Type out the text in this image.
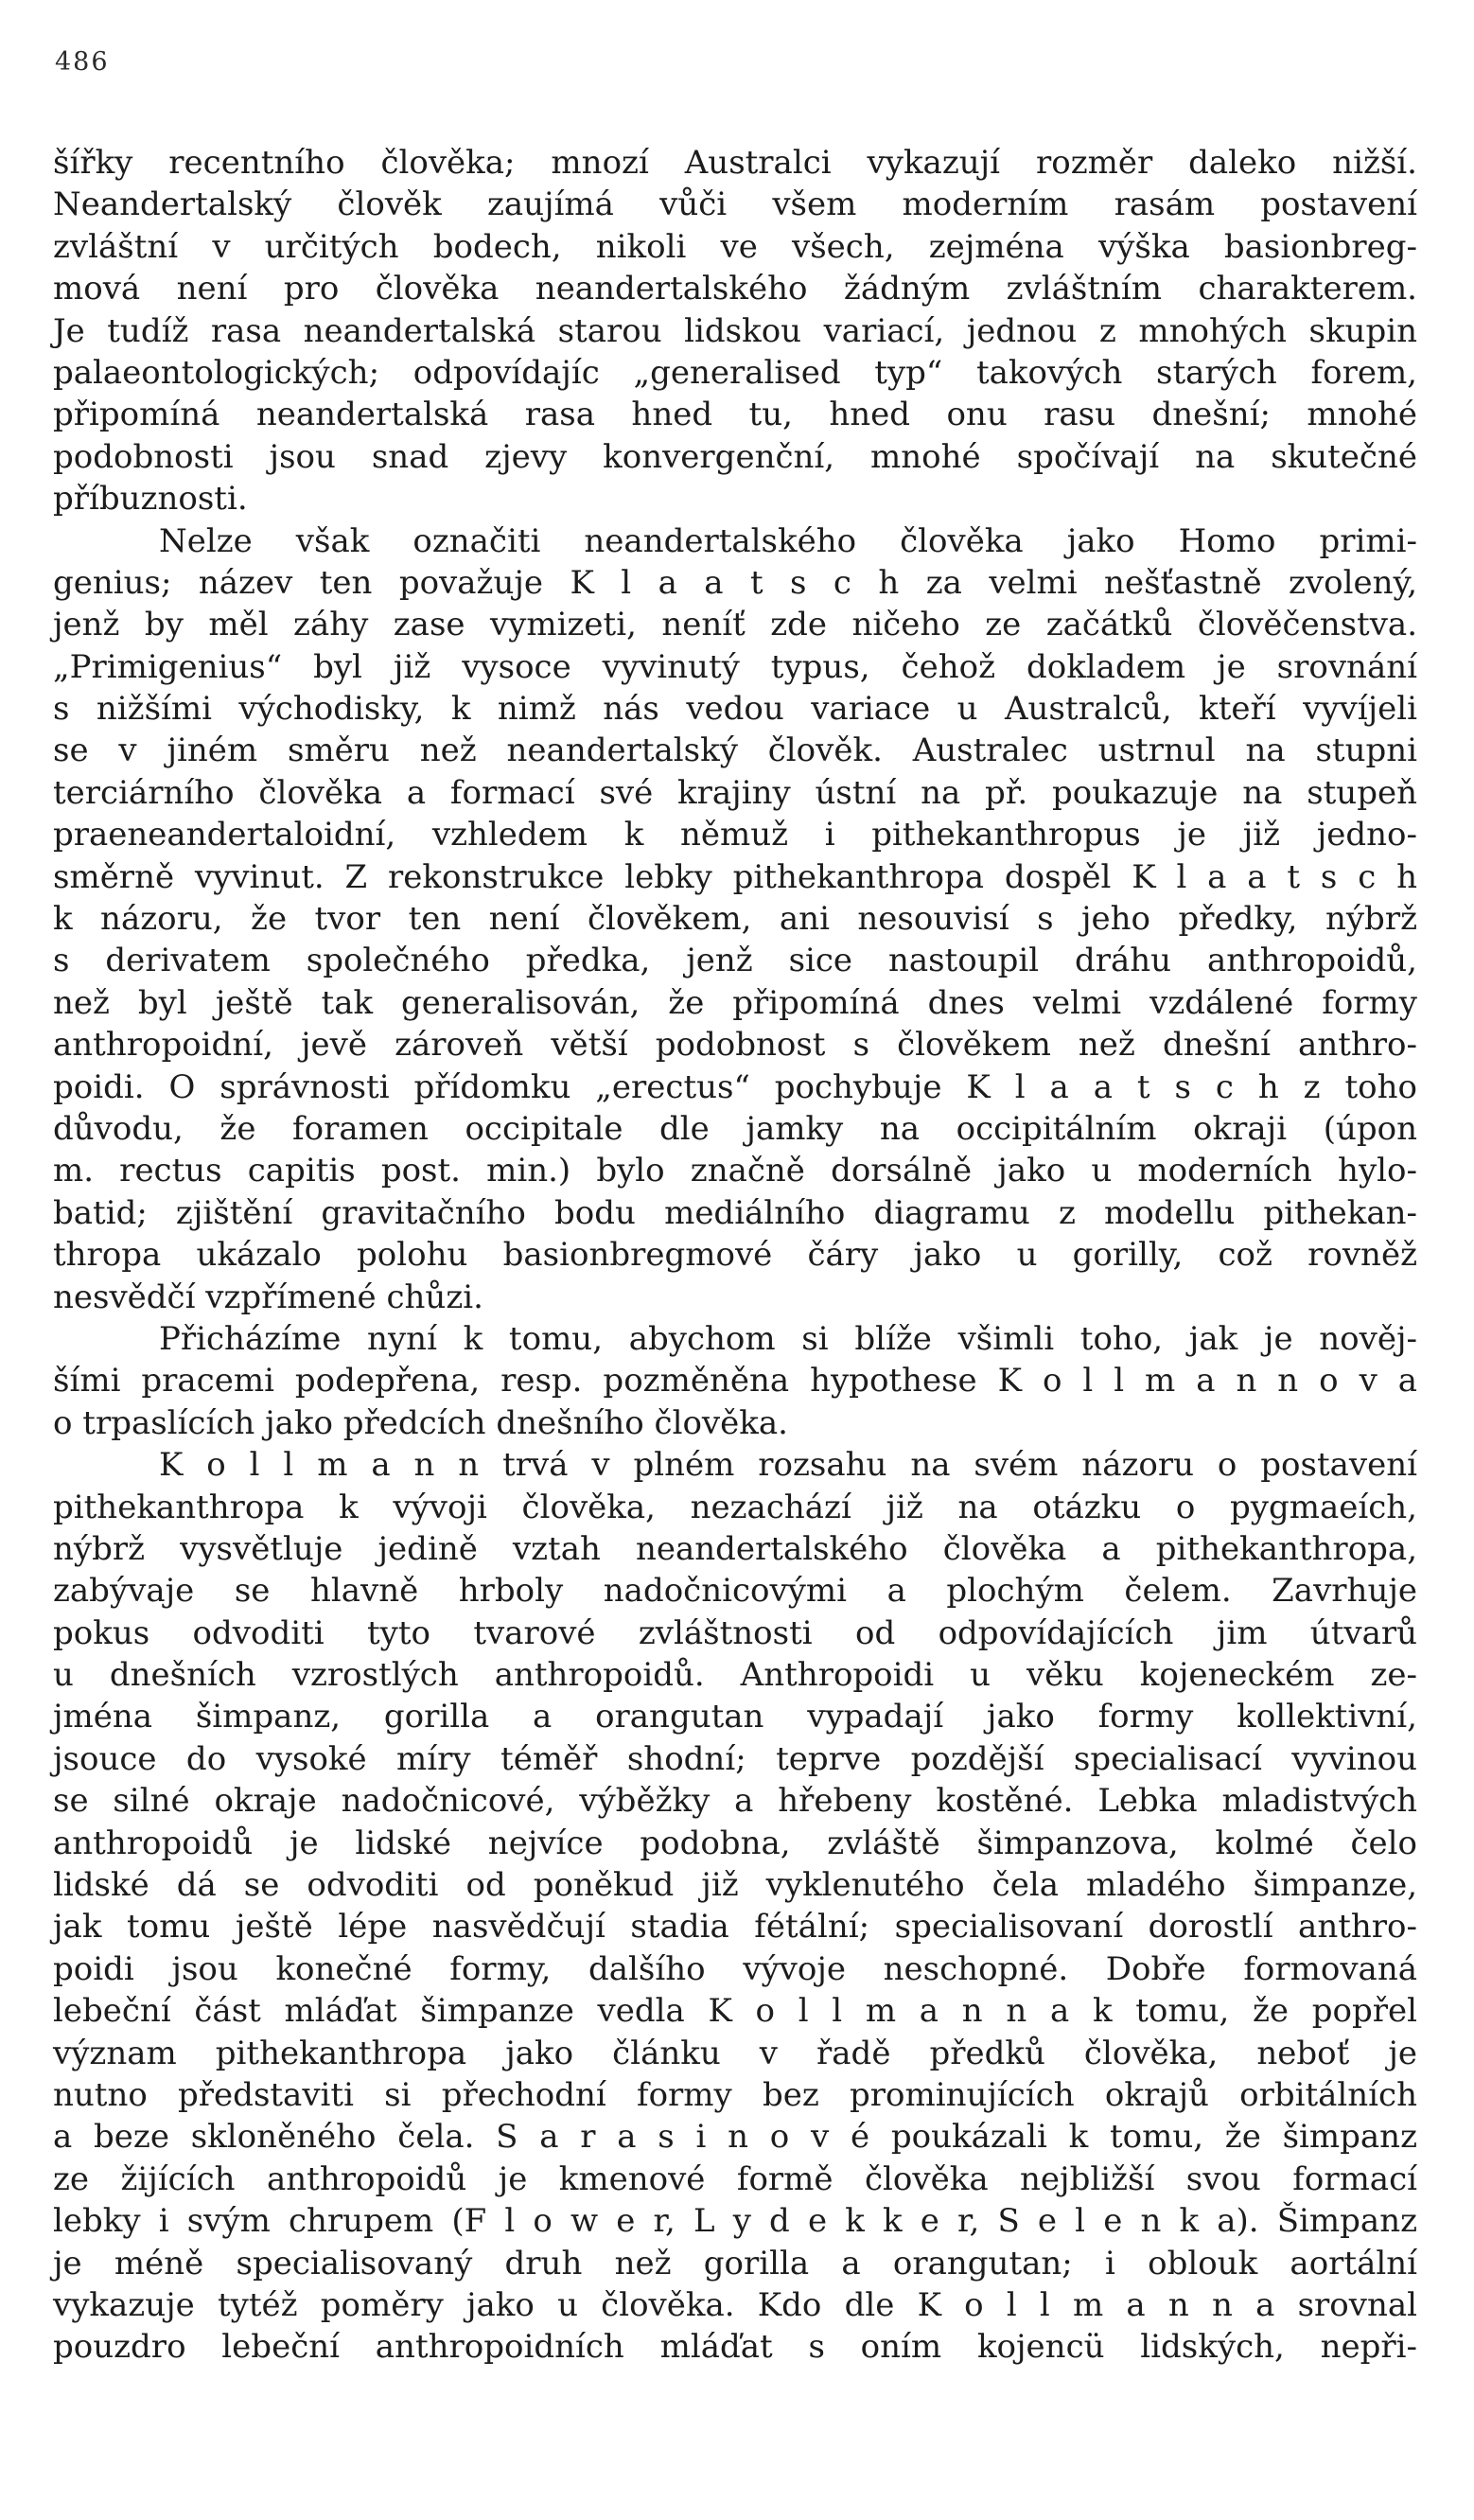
486
šířky recentního člověka; mnozí Australci vykazují rozměr daleko nižší.
Neandertalský člověk zaujímá vůči všem moderním rasám postavení
zvláštní v určitých bodech, nikoli ve všech, zejména výška basionbreg-
mová není pro člověka neandertalského žádným zvláštním charakterem.
Je tudíž rasa neandertalská starou lidskou variací, jednou z mnohých skupin
palaeontologických; odpovídajíc „generalised typ“ takových starých forem,
připomíná neandertalská rasa hned tu, hned onu rasu dnešní; mnohé
podobnosti jsou snad zjevy konvergenční, mnohé spočívají na skutečné
příbuznosti.
Nelze však označiti neandertalského člověka jako Homo primi-
genius; název ten považuje K l a a t s c h za velmi nešťastně zvolený,
jenž by měl záhy zase vymizeti, neníť zde ničeho ze začátků člověčenstva.
„Primigenius“ byl již vysoce vyvinutý typus, čehož dokladem je srovnání
s nižšími východisky, k nimž nás vedou variace u Australců, kteří vyvíjeli
se v jiném směru než neandertalský člověk. Australec ustrnul na stupni
terciárního člověka a formací své krajiny ústní na př. poukazuje na stupeň
praeneandertaloidní, vzhledem k němuž i pithekanthropus je již jedno-
směrně vyvinut. Z rekonstrukce lebky pithekanthropa dospěl K l a a t s c h
k názoru, že tvor ten není člověkem, ani nesouvisí s jeho předky, nýbrž
s derivatem společného předka, jenž sice nastoupil dráhu anthropoidů,
než byl ještě tak generalisován, že připomíná dnes velmi vzdálené formy
anthropoidní, jevě zároveň větší podobnost s člověkem než dnešní anthro-
poidi. O správnosti přídomku „erectus“ pochybuje K l a a t s c h z toho
důvodu, že foramen occipitale dle jamky na occipitálním okraji (úpon
m. rectus capitis post. min.) bylo značně dorsálně jako u moderních hylo-
batid; zjištění gravitačního bodu mediálního diagramu z modellu pithekan-
thropa ukázalo polohu basionbregmové čáry jako u gorilly, což rovněž
nesvědčí vzpřímené chůzi.
Přicházíme nyní k tomu, abychom si blíže všimli toho, jak je nověj-
šími pracemi podepřena, resp. pozměněna hypothese K o l l m a n n o v a
o trpaslících jako předcích dnešního člověka.
K o l l m a n n trvá v plném rozsahu na svém názoru o postavení
pithekanthropa k vývoji člověka, nezachází již na otázku o pygmaeích,
nýbrž vysvětluje jedině vztah neandertalského člověka a pithekanthropa,
zabývaje se hlavně hrboly nadočnicovými a plochým čelem. Zavrhuje
pokus odvoditi tyto tvarové zvláštnosti od odpovídajících jim útvarů
u dnešních vzrostlých anthropoidů. Anthropoidi u věku kojeneckém ze-
jména šimpanz, gorilla a orangutan vypadají jako formy kollektivní,
jsouce do vysoké míry téměř shodní; teprve pozdější specialisací vyvinou
se silné okraje nadočnicové, výběžky a hřebeny kostěné. Lebka mladistvých
anthropoidů je lidské nejvíce podobna, zvláště šimpanzova, kolmé čelo
lidské dá se odvoditi od poněkud již vyklenutého čela mladého šimpanze,
jak tomu ještě lépe nasvědčují stadia fétální; specialisovaní dorostlí anthro-
poidi jsou konečné formy, dalšího vývoje neschopné. Dobře formovaná
lebeční část mláďat šimpanze vedla K o l l m a n n a k tomu, že popřel
význam pithekanthropa jako článku v řadě předků člověka, neboť je
nutno představiti si přechodní formy bez prominujících okrajů orbitálních
a beze skloněného čela. S a r a s i n o v é poukázali k tomu, že šimpanz
ze žijících anthropoidů je kmenové formě člověka nejbližší svou formací
lebky i svým chrupem (F l o w e r, L y d e k k e r, S e l e n k a). Šimpanz
je méně specialisovaný druh než gorilla a orangutan; i oblouk aortální
vykazuje tytéž poměry jako u člověka. Kdo dle K o l l m a n n a srovnal
pouzdro lebeční anthropoidních mláďat s oním kojencü lidských, nepři-
